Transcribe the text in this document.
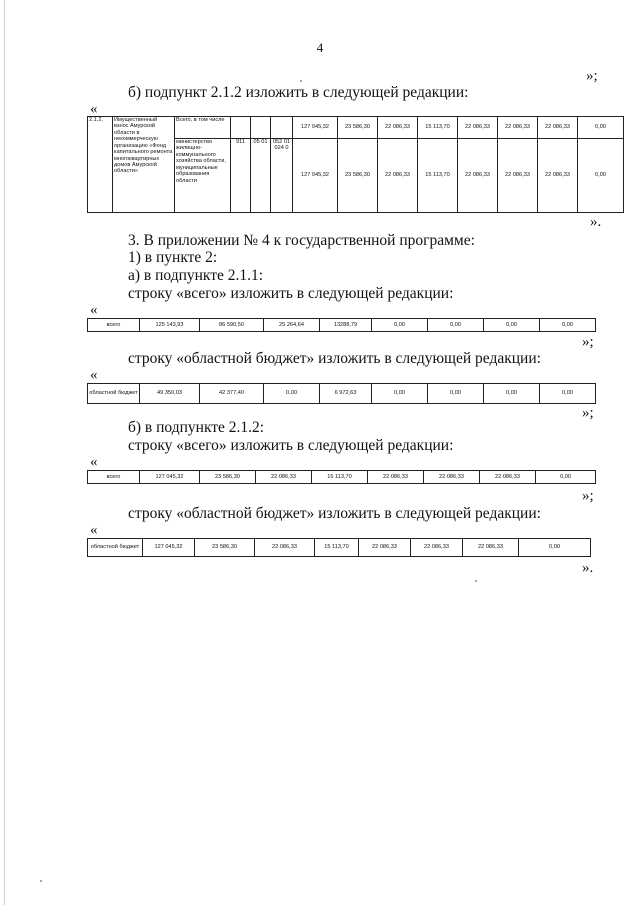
4
»;
б) подпункт 2.1.2 изложить в следующей редакции:
«
2.1.2.	Имущественный взнос Амурской области в некоммерческую организацию «Фонд капитального ремонта многоквартирных домов Амурской области»	Всего, в том числе				127 045,32	23 586,30	22 086,33	15 113,70	22 086,33	22 086,33	22 086,33	0,00
		министерство жилищно-коммунального хозяйства области, муниципальные образования области	911	05 01	052 01 024 0	127 045,32	23 586,30	22 086,33	15 113,70	22 086,33	22 086,33	22 086,33	0,00
».
3. В приложении № 4 к государственной программе:
1) в пункте 2:
а) в подпункте 2.1.1:
строку «всего» изложить в следующей редакции:
«
всего	125 143,93	86 590,50	25 264,64	13288,79	0,00	0,00	0,00	0,00
»;
строку «областной бюджет» изложить в следующей редакции:
«
областной бюджет	49 350,03	42 377,40	0,00	6 972,63	0,00	0,00	0,00	0,00
»;
б) в подпункте 2.1.2:
строку «всего» изложить в следующей редакции:
«
всего	127 045,32	23 586,30	22 086,33	15 113,70	22 086,33	22 086,33	22 086,33	0,00
»;
строку «областной бюджет» изложить в следующей редакции:
«
областной бюджет	127 045,32	23 586,30	22 086,33	15 113,70	22 086,33	22 086,33	22 086,33	0,00
».
